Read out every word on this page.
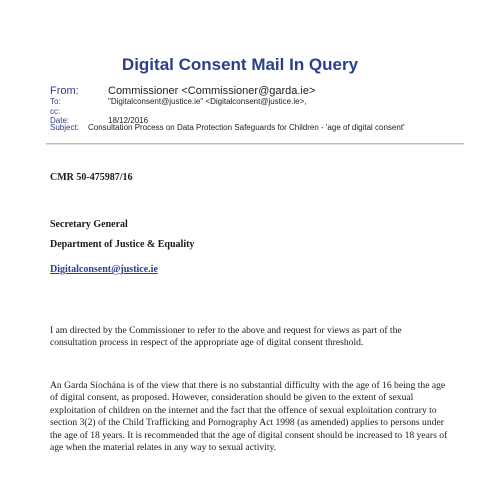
Digital Consent Mail In Query
From:	Commissioner <Commissioner@garda.ie>
To:	"Digitalconsent@justice.ie" <Digitalconsent@justice.ie>,
cc:
Date:	18/12/2016
Subject: Consultation Process on Data Protection Safeguards for Children - 'age of digital consent'
CMR 50-475987/16
Secretary General
Department of Justice & Equality
Digitalconsent@justice.ie

I am directed by the Commissioner to refer to the above and request for views as part of the consultation process in respect of the appropriate age of digital consent threshold.

An Garda Síochána is of the view that there is no substantial difficulty with the age of 16 being the age of digital consent, as proposed. However, consideration should be given to the extent of sexual exploitation of children on the internet and the fact that the offence of sexual exploitation contrary to section 3(2) of the Child Trafficking and Pornography Act 1998 (as amended) applies to persons under the age of 18 years. It is recommended that the age of digital consent should be increased to 18 years of age when the material relates in any way to sexual activity.
